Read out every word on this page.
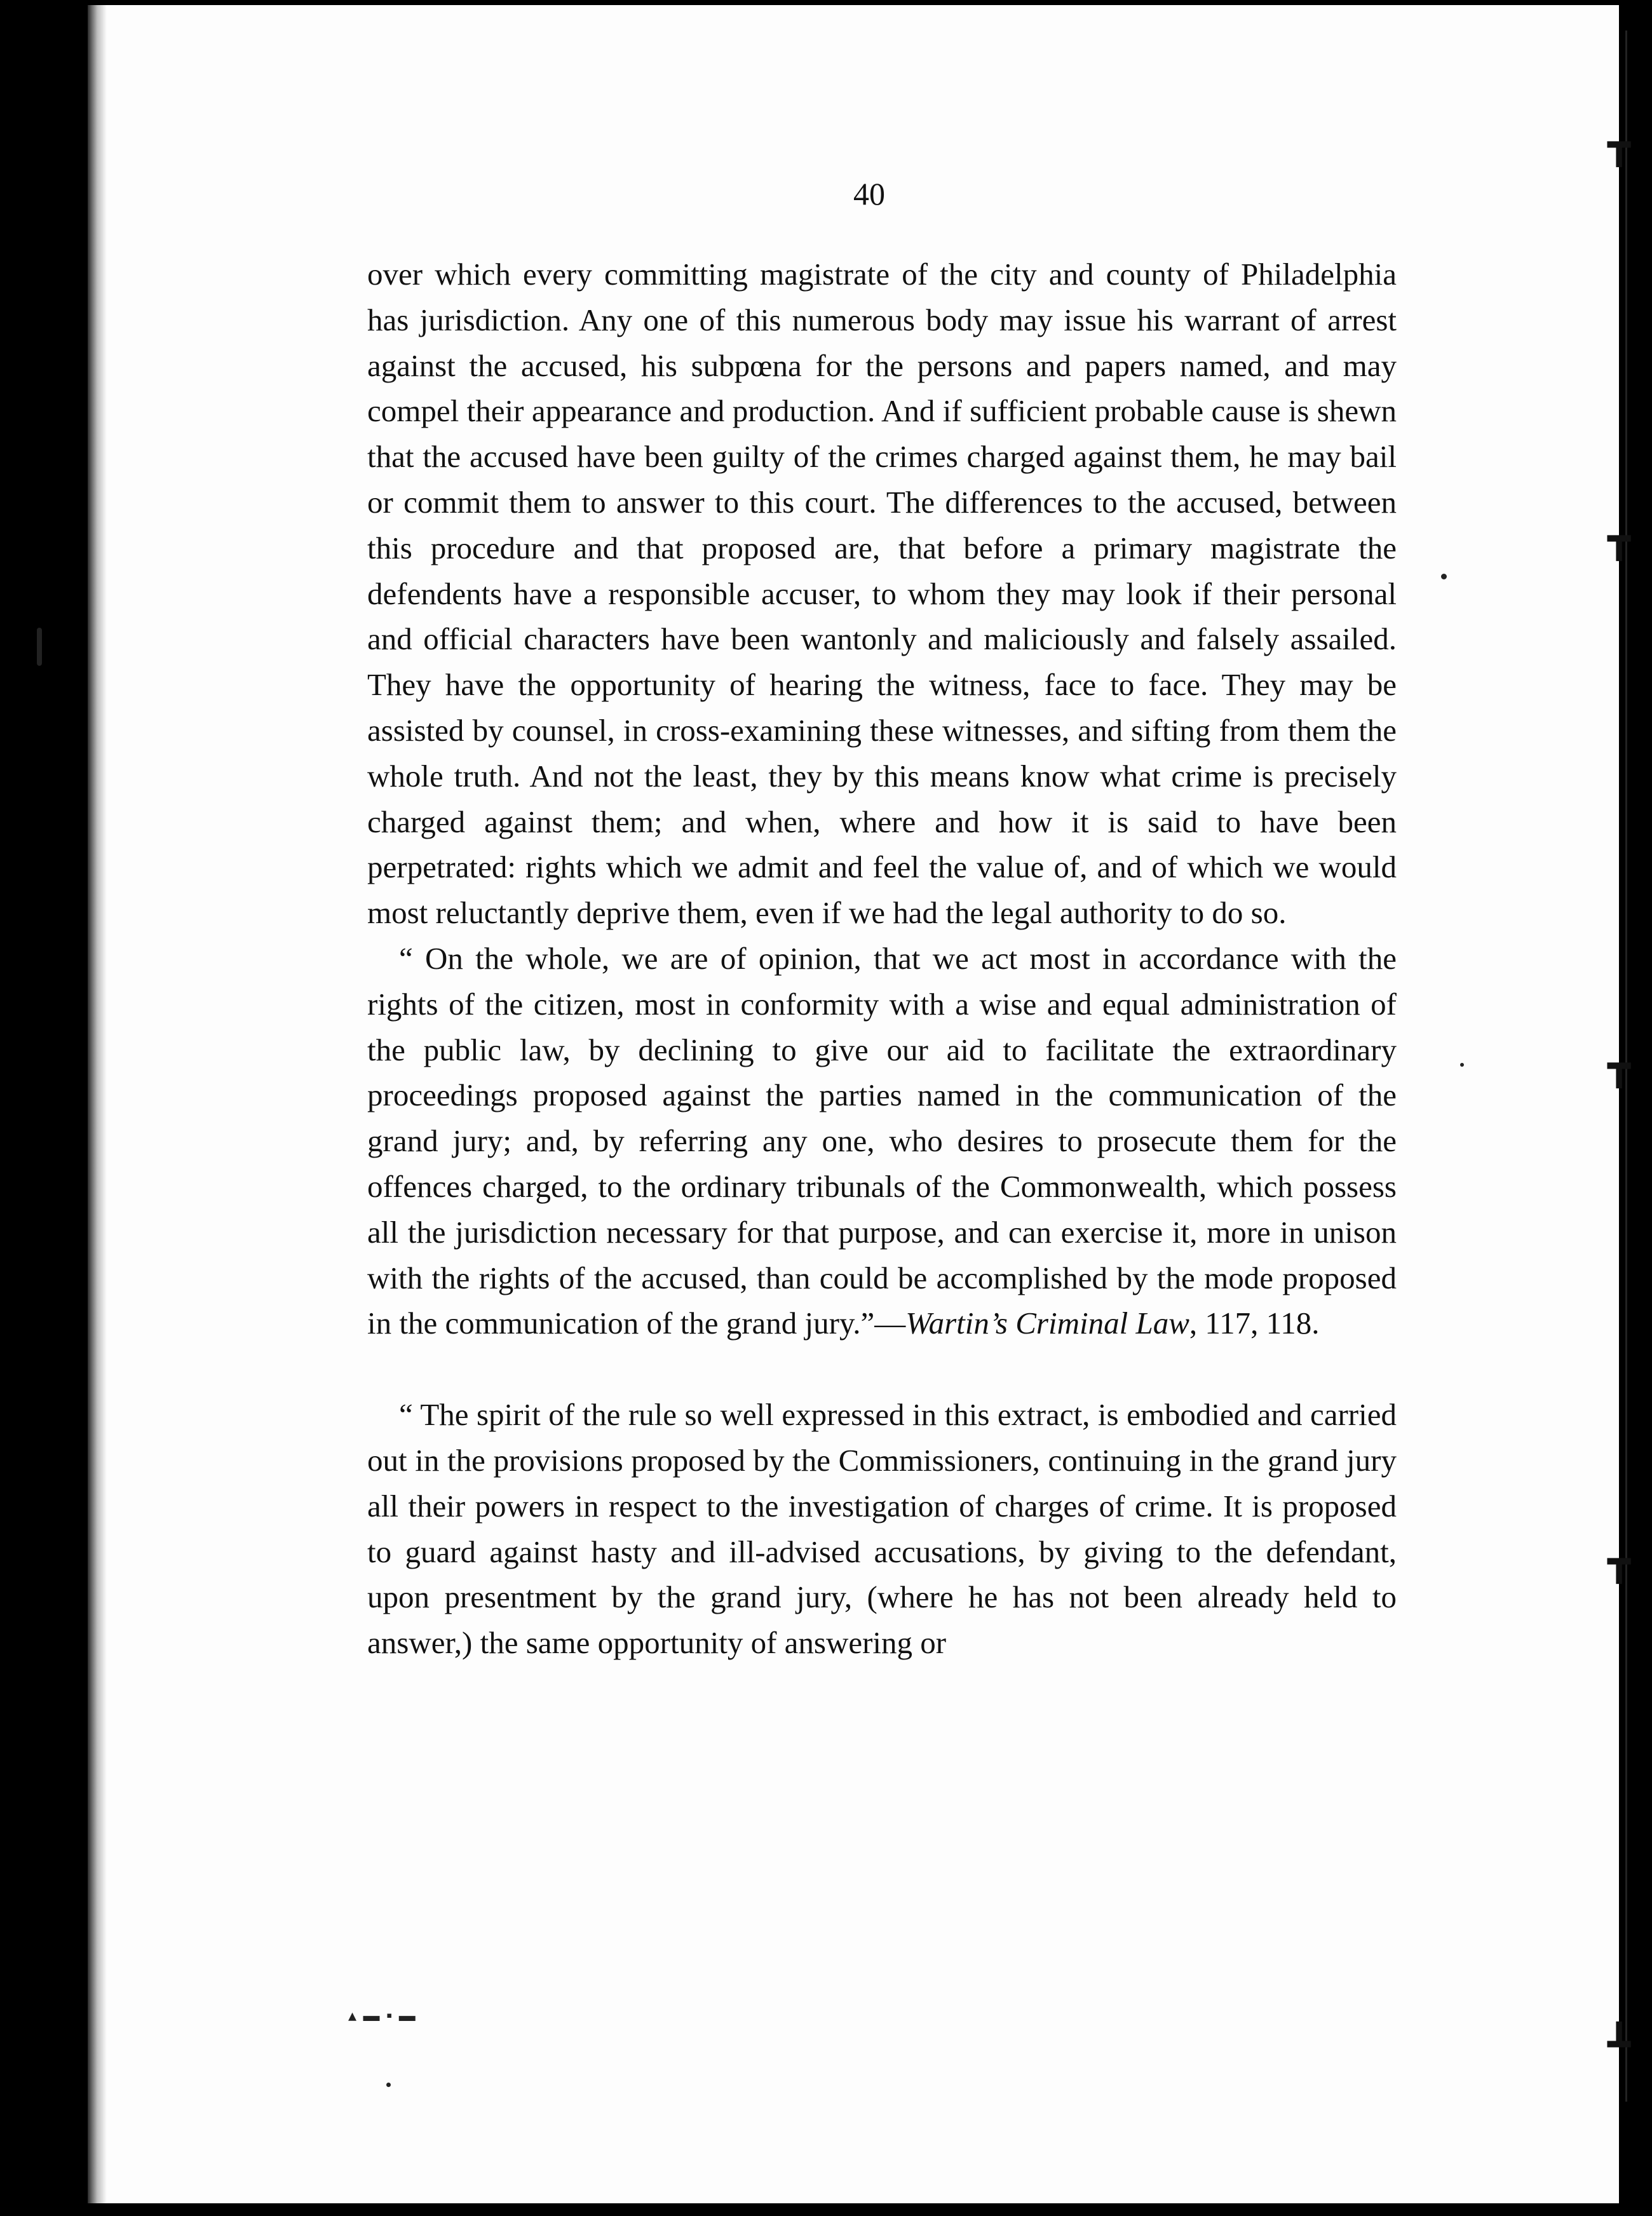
40

over which every committing magistrate of the city and county of Philadelphia has jurisdiction. Any one of this numerous body may issue his warrant of arrest against the accused, his subpœna for the persons and papers named, and may compel their appearance and production. And if sufficient probable cause is shewn that the accused have been guilty of the crimes charged against them, he may bail or commit them to answer to this court. The differences to the accused, between this procedure and that proposed are, that before a primary magistrate the defendents have a responsible accuser, to whom they may look if their personal and official characters have been wantonly and maliciously and falsely assailed. They have the opportunity of hearing the witness, face to face. They may be assisted by counsel, in cross-examining these witnesses, and sifting from them the whole truth. And not the least, they by this means know what crime is precisely charged against them; and when, where and how it is said to have been perpetrated: rights which we admit and feel the value of, and of which we would most reluctantly deprive them, even if we had the legal authority to do so.

“ On the whole, we are of opinion, that we act most in accordance with the rights of the citizen, most in conformity with a wise and equal administration of the public law, by declining to give our aid to facilitate the extraordinary proceedings proposed against the parties named in the communication of the grand jury; and, by referring any one, who desires to prosecute them for the offences charged, to the ordinary tribunals of the Commonwealth, which possess all the jurisdiction necessary for that purpose, and can exercise it, more in unison with the rights of the accused, than could be accomplished by the mode proposed in the communication of the grand jury.”—Wartin’s Criminal Law, 117, 118.

“ The spirit of the rule so well expressed in this extract, is embodied and carried out in the provisions proposed by the Commissioners, continuing in the grand jury all their powers in respect to the investigation of charges of crime. It is proposed to guard against hasty and ill-advised accusations, by giving to the defendant, upon presentment by the grand jury, (where he has not been already held to answer,) the same opportunity of answering or

▴ ▬ ▪ ▬
┳
┳
┳
┳
┻
